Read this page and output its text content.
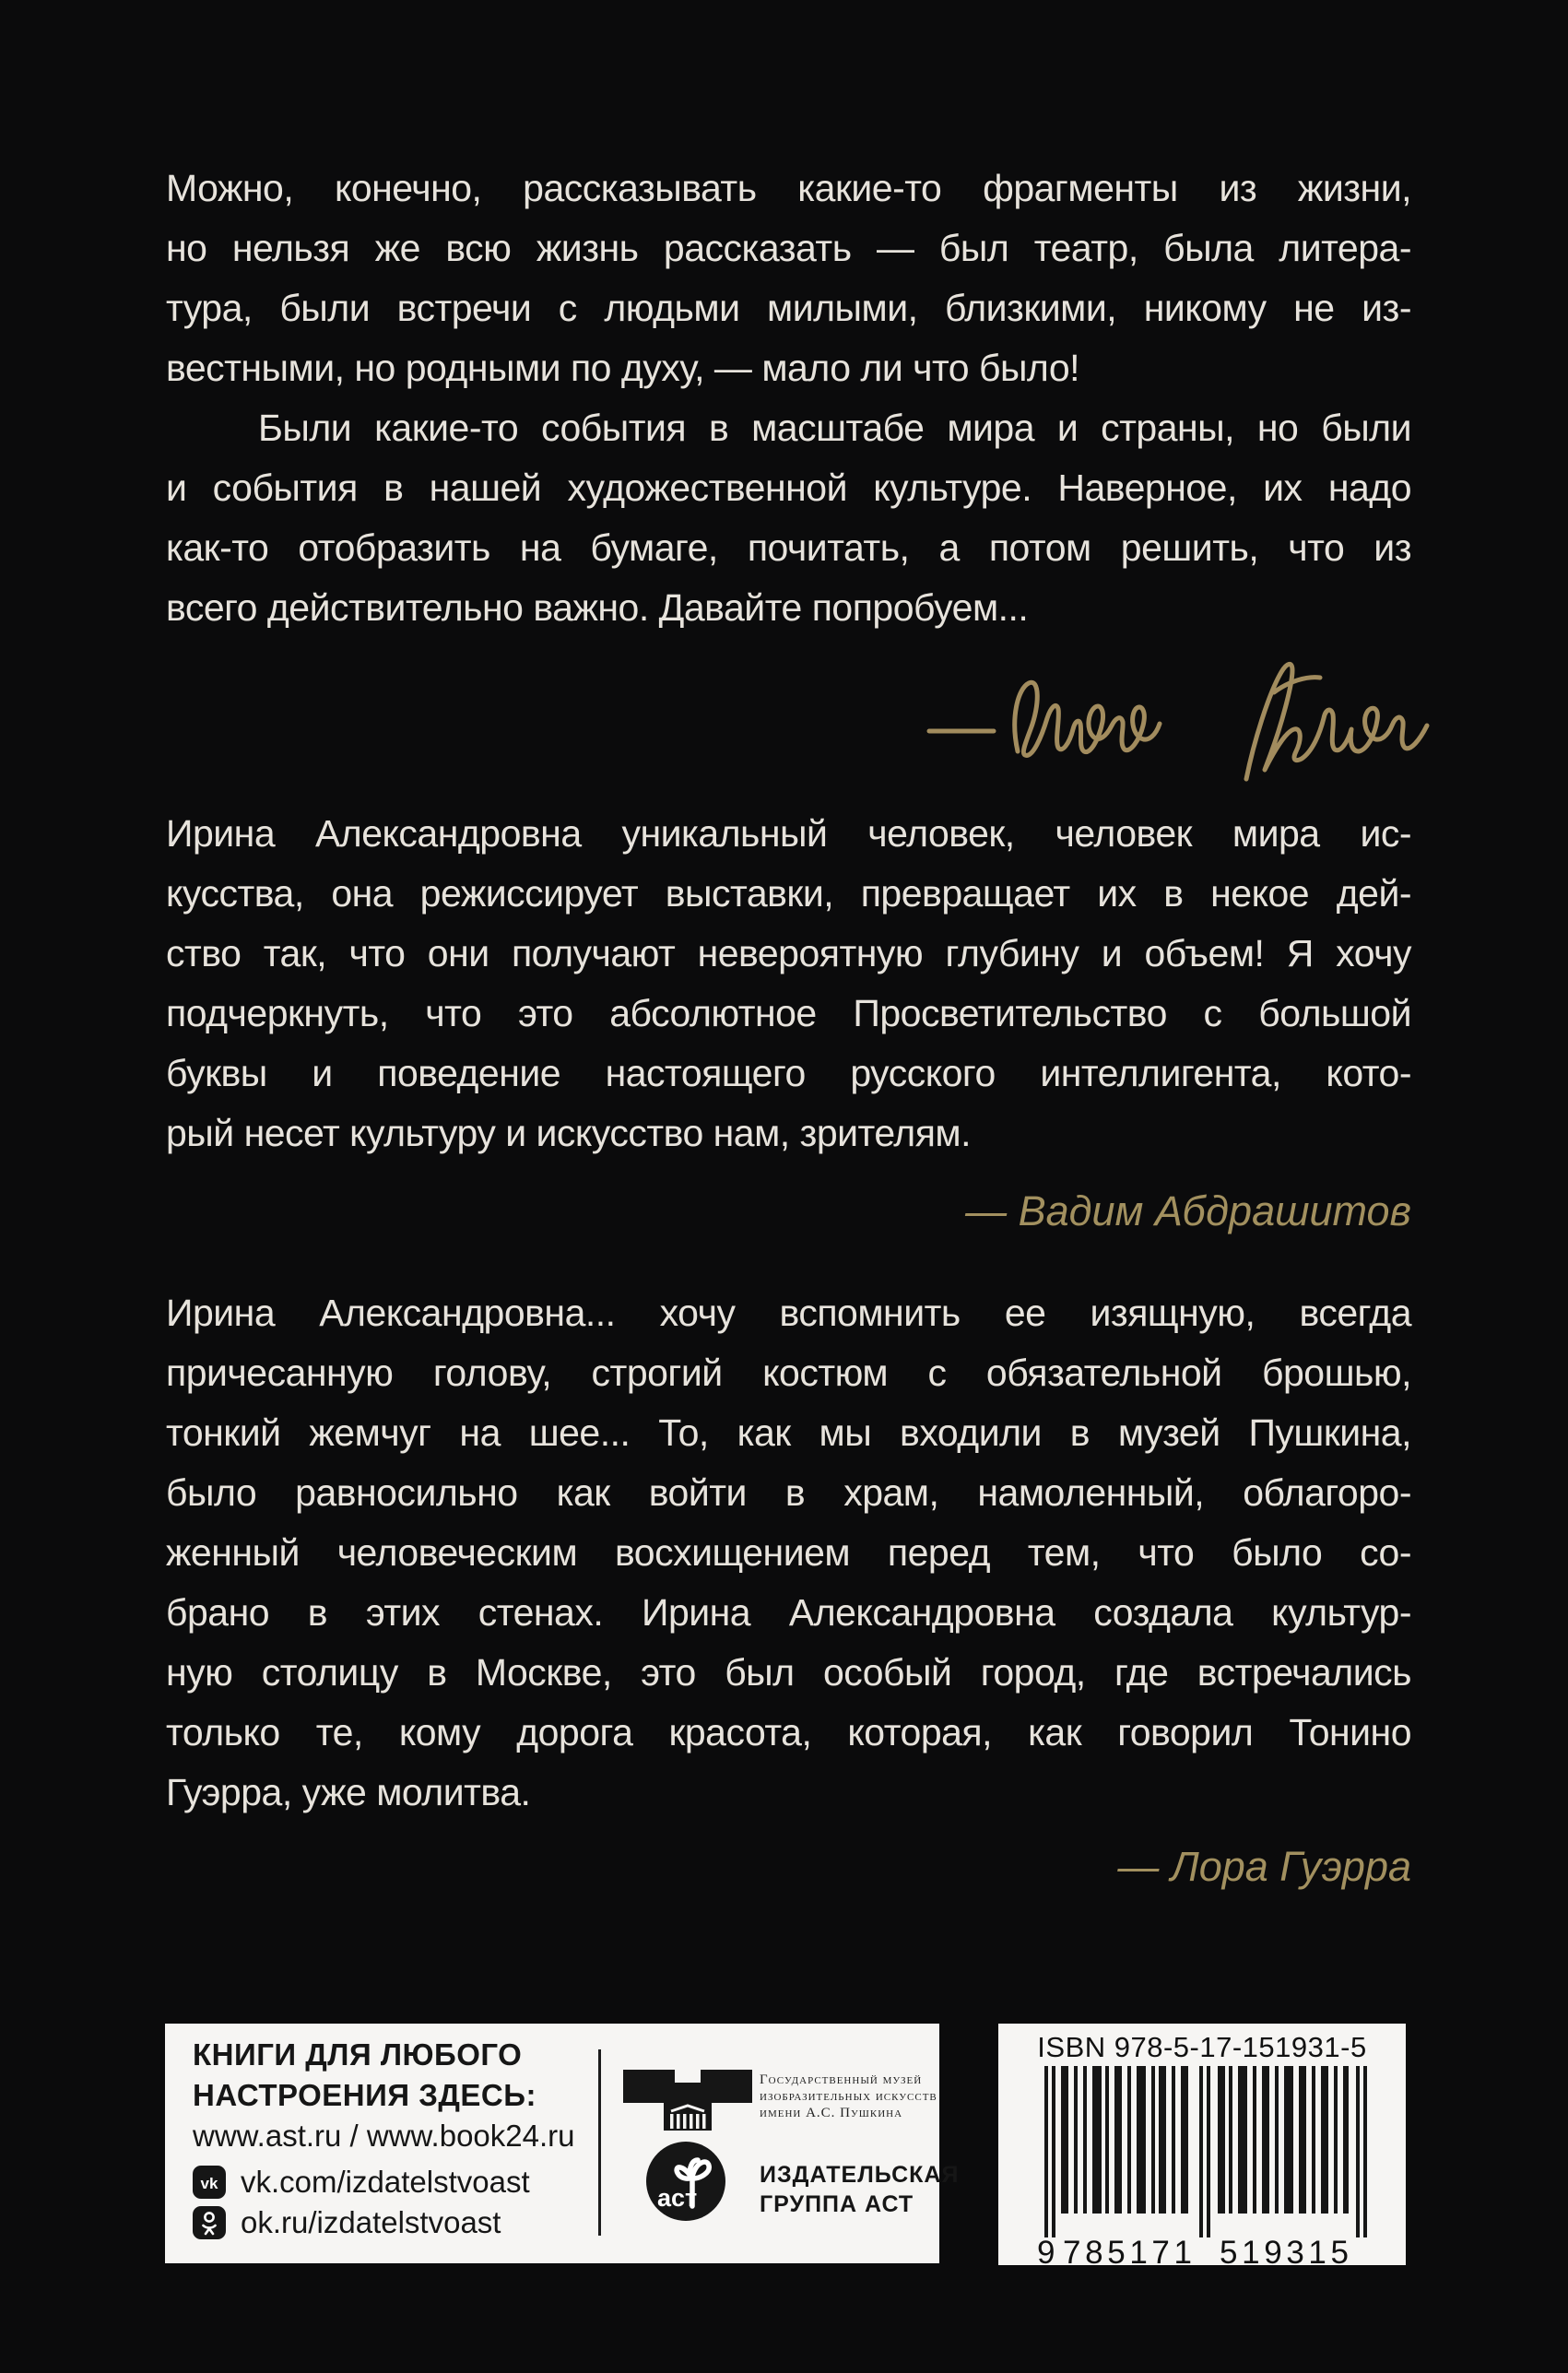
Можно, конечно, рассказывать какие-то фрагменты из жизни,
но нельзя же всю жизнь рассказать — был театр, была литера-
тура, были встречи с людьми милыми, близкими, никому не из-
вестными, но родными по духу, — мало ли что было!
Были какие-то события в масштабе мира и страны, но были
и события в нашей художественной культуре. Наверное, их надо
как-то отобразить на бумаге, почитать, а потом решить, что из
всего действительно важно. Давайте попробуем...
Ирина Александровна уникальный человек, человек мира ис-
кусства, она режиссирует выставки, превращает их в некое дей-
ство так, что они получают невероятную глубину и объем! Я хочу
подчеркнуть, что это абсолютное Просветительство с большой
буквы и поведение настоящего русского интеллигента, кото-
рый несет культуру и искусство нам, зрителям.
— Вадим Абдрашитов
Ирина Александровна... хочу вспомнить ее изящную, всегда
причесанную голову, строгий костюм с обязательной брошью,
тонкий жемчуг на шее... То, как мы входили в музей Пушкина,
было равносильно как войти в храм, намоленный, облагоро-
женный человеческим восхищением перед тем, что было со-
брано в этих стенах. Ирина Александровна создала культур-
ную столицу в Москве, это был особый город, где встречались
только те, кому дорога красота, которая, как говорил Тонино
Гуэрра, уже молитва.
— Лора Гуэрра
КНИГИ ДЛЯ ЛЮБОГО
НАСТРОЕНИЯ ЗДЕСЬ:
www.ast.ru / www.book24.ru
vk vk.com/izdatelstvoast
ok.ru/izdatelstvoast
Государственный музей
изобразительных искусств
имени А.С. Пушкина
аст
ИЗДАТЕЛЬСКАЯ
ГРУППА АСТ
ISBN 978-5-17-151931-5
9 785171 519315
